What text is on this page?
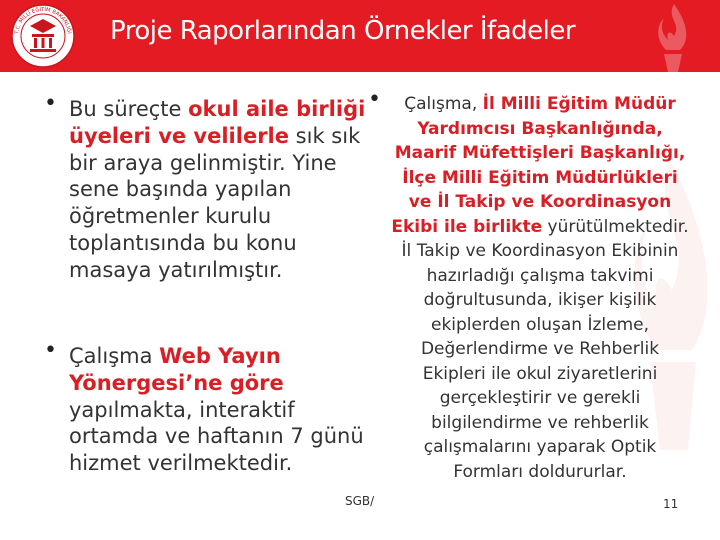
T.C. MİLLİ EĞİTİM BAKANLIĞI Proje Raporlarından Örnekler İfadeler
• Bu süreçte okul aile birliği üyeleri ve velilerle sık sık bir araya gelinmiştir. Yine sene başında yapılan öğretmenler kurulu toplantısında bu konu masaya yatırılmıştır.
• Çalışma Web Yayın Yönergesi’ne göre yapılmakta, interaktif ortamda ve haftanın 7 günü hizmet verilmektedir.
•	Çalışma, İl Milli Eğitim Müdür Yardımcısı Başkanlığında, Maarif Müfettişleri Başkanlığı, İlçe Milli Eğitim Müdürlükleri ve İl Takip ve Koordinasyon Ekibi ile birlikte yürütülmektedir. İl Takip ve Koordinasyon Ekibinin hazırladığı çalışma takvimi doğrultusunda, ikişer kişilik ekiplerden oluşan İzleme, Değerlendirme ve Rehberlik Ekipleri ile okul ziyaretlerini gerçekleştirir ve gerekli bilgilendirme ve rehberlik çalışmalarını yaparak Optik Formları doldururlar.
SGB/	11
